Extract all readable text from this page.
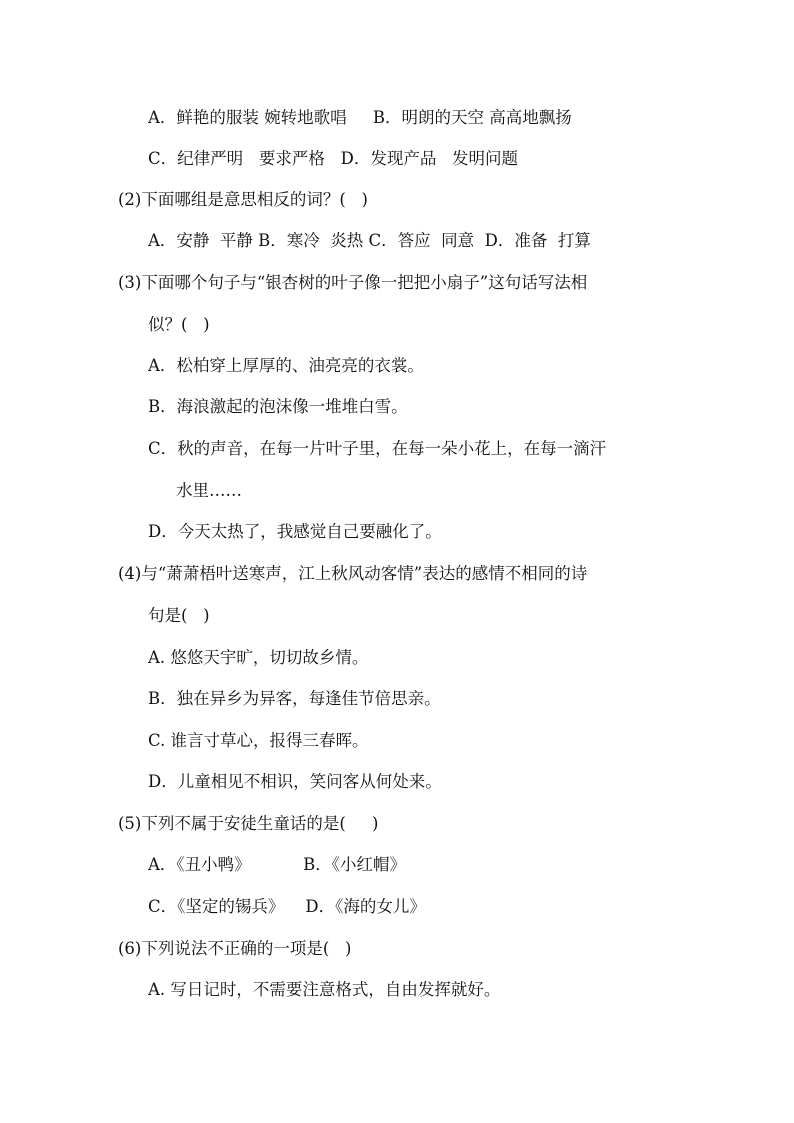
A．鲜艳的服装 婉转地歌唱     B．明朗的天空 高高地飘扬
C．纪律严明   要求严格   D．发现产品   发明问题
(2)下面哪组是意思相反的词？(   )
A．安静  平静 B．寒冷  炎热 C．答应  同意  D．准备  打算
(3)下面哪个句子与“银杏树的叶子像一把把小扇子”这句话写法相
似？(   )
A．松柏穿上厚厚的、油亮亮的衣裳。
B．海浪激起的泡沫像一堆堆白雪。
C．秋的声音，在每一片叶子里，在每一朵小花上，在每一滴汗
水里……
D．今天太热了，我感觉自己要融化了。
(4)与“萧萧梧叶送寒声，江上秋风动客情”表达的感情不相同的诗
句是(   )
A. 悠悠天宇旷，切切故乡情。
B．独在异乡为异客，每逢佳节倍思亲。
C. 谁言寸草心，报得三春晖。
D．儿童相见不相识，笑问客从何处来。
(5)下列不属于安徒生童话的是(     )
A．《丑小鸭》          B．《小红帽》
C．《坚定的锡兵》    D．《海的女儿》
(6)下列说法不正确的一项是(   )
A. 写日记时，不需要注意格式，自由发挥就好。
